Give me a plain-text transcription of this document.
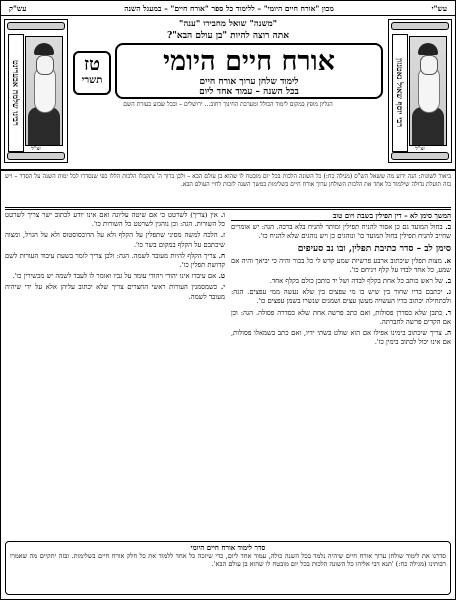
עש"י
מכון "אורח חיים היומי" – ללימוד כל ספר "אורח חיים" – במעגל השנה
עש"ק
רבי יוסף שאול נאטנזון
זצ"ל
רבינו שלמה אבערינט
זצ"ל
"משנה" שואל מחבירו "ענה"
אתה רוצה להיות "בן עולם הבא"?
אורח חיים היומי
לימוד שלחן ערוך אורח חיים
בכל השנה – עמוד אחד ליום
טז
תשרי
הגליון מופץ במקום לימוד הכולל ומערכת החינוך רחוב… ירושלים – ובכל שבוע בעזרת השם
ביאור לשונות: הנה ידוע מה ששאל הש"ס (מגילה כח:) כל השונה הלכות בכל יום מובטח לו שהוא בן עולם הבא – ולכן ברוך ה' נתקבלו הלכות הללו כפי שנסדרו לכל ימות השנה על הסדר – ויש בזה תועלת גדולה שילמוד כל אחד את הלכות השולחן ערוך אורח חיים בשלימות במשך השנה לזכות לחיי העולם הבא.
המשך סימן לא – דין תפילין בשבת ויום טוב
ב. בחול המועד גם כן אסור להניח תפילין ומותר להניח בלא ברכה. הגה: יש אומרים שחייב להניח תפילין בחול המועד כו' ונוהגים כן ויש נוהגים שלא להניח כו'.
סימן לב – סדר כתיבת תפלין, ובו נב סעיפים
א. מצות תפלין שיכתוב ארבע פרשיות שמע קדש לי כל בכור והיה כי יביאך והיה אם שמע, כל אחד לבדו על קלף ויניחם כו'.
ב. של ראש כותב כל אחת בקלף לבדה ושל יד כותבן כולם בקלף אחד.
ג. יכתבם בדיו שחור בין שיש בו מי עפצים בין שלא נעשה ממי עפצים. הגה: ולכתחילה יכתוב כדיו העשויה מעשן עצים ושמנים שנשרו בשמן עפצים כו'.
ד. כתבן שלא כסדרן פסולות, ואם כתב פרשה אחת שלא כסדרה פסולה. הגה: וכן אם הקדים פרשה לחברתה.
ה. צריך שיכתוב בימינו אפילו אם הוא שולט בשתי ידיו, ואם כתב בשמאלו פסולות, אם אינו יכול לכתוב בימין כו'.
ו. אין (צריך) לשרטט כי אם שיטה עליונה ואם אינו יודע לכתוב ישר צריך לשרטט כל השורות. הגה: וכן נוהגין לשרטט כל השורות כו'.
ז. הלכה למשה מסיני שתפלין על הקלף ולא על הדוכסוסטוס ולא על הגויל, ומצוה שיכתבם על הקלף במקום בשר כו'.
ח. צריך הקלף להיות מעובד לשמה. הגה: ולכן צריך לומר בשעת עיבוד העורות לשם קדושת תפלין כו'.
ט. אם עיבדו אינו יהודי ויהודי עומד על גביו ואומר לו לעבד לשמה יש מכשירין כו'.
י. כשמסמנין העורות ראשי החצרים צריך שלא יכתוב עליהן אלא על ידי שיהיה מעובד לשמה.
סדר לימוד אורח חיים היומי
סדרנו את לימוד שולחן ערוך אורח חיים שיהיה נלמד בכל השנה כולה, עמוד אחד ליום, כדי שיזכה כל אחד ללמוד את כל חלק אורח חיים בשלימות. ובזה יתקיים מה שאמרו רבותינו (מגילה כח:) 'תנא דבי אליהו כל השונה הלכות בכל יום מובטח לו שהוא בן עולם הבא'.
